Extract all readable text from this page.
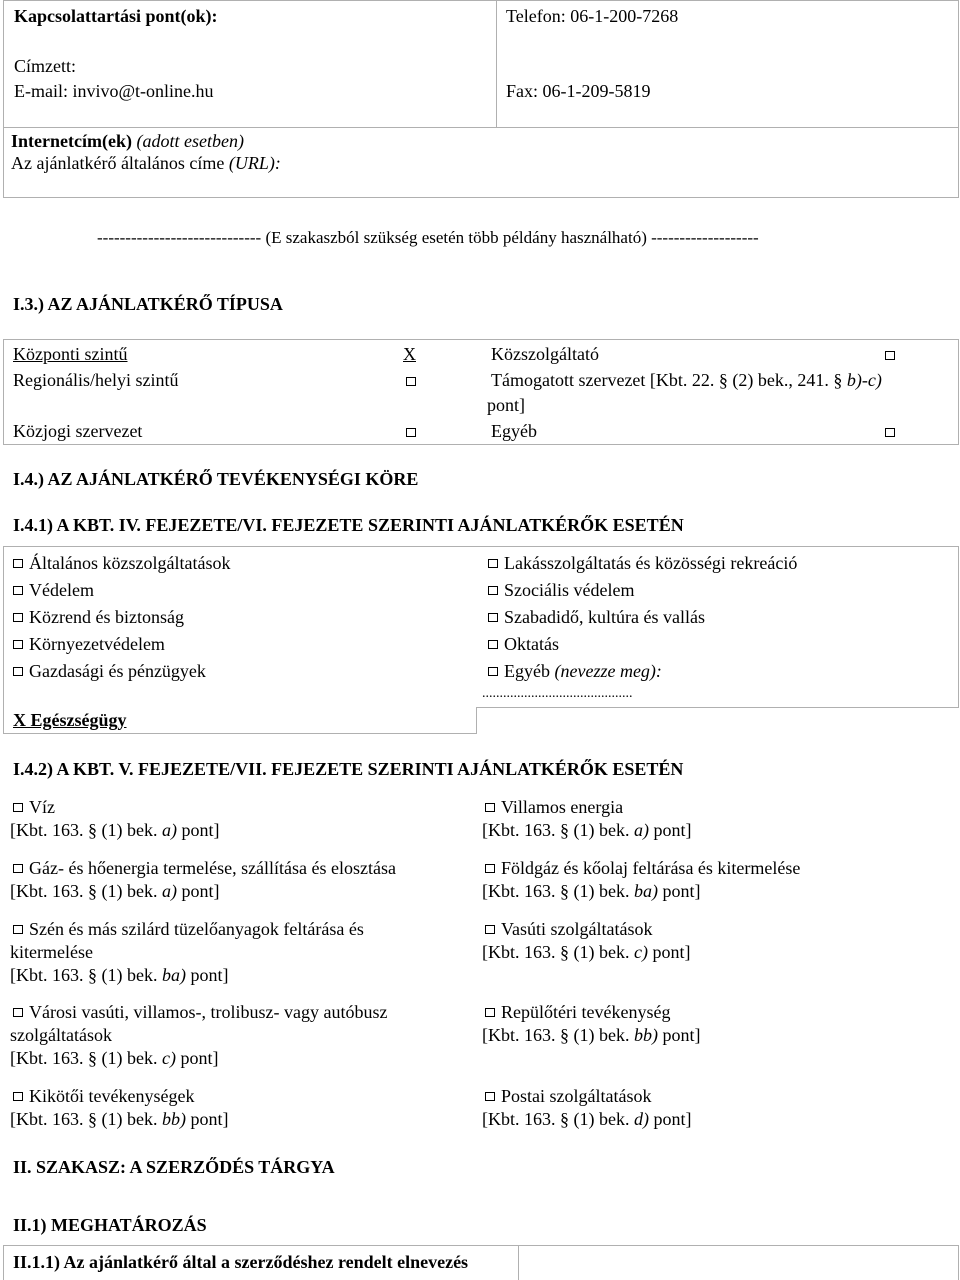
Kapcsolattartási pont(ok):	Telefon: 06-1-200-7268
Címzett:
E-mail: invivo@t-online.hu	Fax: 06-1-209-5819
Internetcím(ek) (adott esetben)
Az ajánlatkérő általános címe (URL):
----------------------------- (E szakaszból szükség esetén több példány használható) -------------------
I.3.) AZ AJÁNLATKÉRŐ TÍPUSA
Központi szintű	X	Közszolgáltató
Regionális/helyi szintű	Támogatott szervezet [Kbt. 22. § (2) bek., 241. § b)-c)
pont]
Közjogi szervezet	Egyéb
I.4.) AZ AJÁNLATKÉRŐ TEVÉKENYSÉGI KÖRE
I.4.1) A KBT. IV. FEJEZETE/VI. FEJEZETE SZERINTI AJÁNLATKÉRŐK ESETÉN
Általános közszolgáltatások
Védelem
Közrend és biztonság
Környezetvédelem
Gazdasági és pénzügyek
X Egészségügy
Lakásszolgáltatás és közösségi rekreáció
Szociális védelem
Szabadidő, kultúra és vallás
Oktatás
Egyéb (nevezze meg):
...........................................
I.4.2) A KBT. V. FEJEZETE/VII. FEJEZETE SZERINTI AJÁNLATKÉRŐK ESETÉN
Víz
[Kbt. 163. § (1) bek. a) pont]
Gáz- és hőenergia termelése, szállítása és elosztása
[Kbt. 163. § (1) bek. a) pont]
Szén és más szilárd tüzelőanyagok feltárása és
kitermelése
[Kbt. 163. § (1) bek. ba) pont]
Városi vasúti, villamos-, trolibusz- vagy autóbusz
szolgáltatások
[Kbt. 163. § (1) bek. c) pont]
Kikötői tevékenységek
[Kbt. 163. § (1) bek. bb) pont]
Villamos energia
[Kbt. 163. § (1) bek. a) pont]
Földgáz és kőolaj feltárása és kitermelése
[Kbt. 163. § (1) bek. ba) pont]
Vasúti szolgáltatások
[Kbt. 163. § (1) bek. c) pont]
Repülőtéri tevékenység
[Kbt. 163. § (1) bek. bb) pont]
Postai szolgáltatások
[Kbt. 163. § (1) bek. d) pont]
II. SZAKASZ: A SZERZŐDÉS TÁRGYA
II.1) MEGHATÁROZÁS
II.1.1) Az ajánlatkérő által a szerződéshez rendelt elnevezés
